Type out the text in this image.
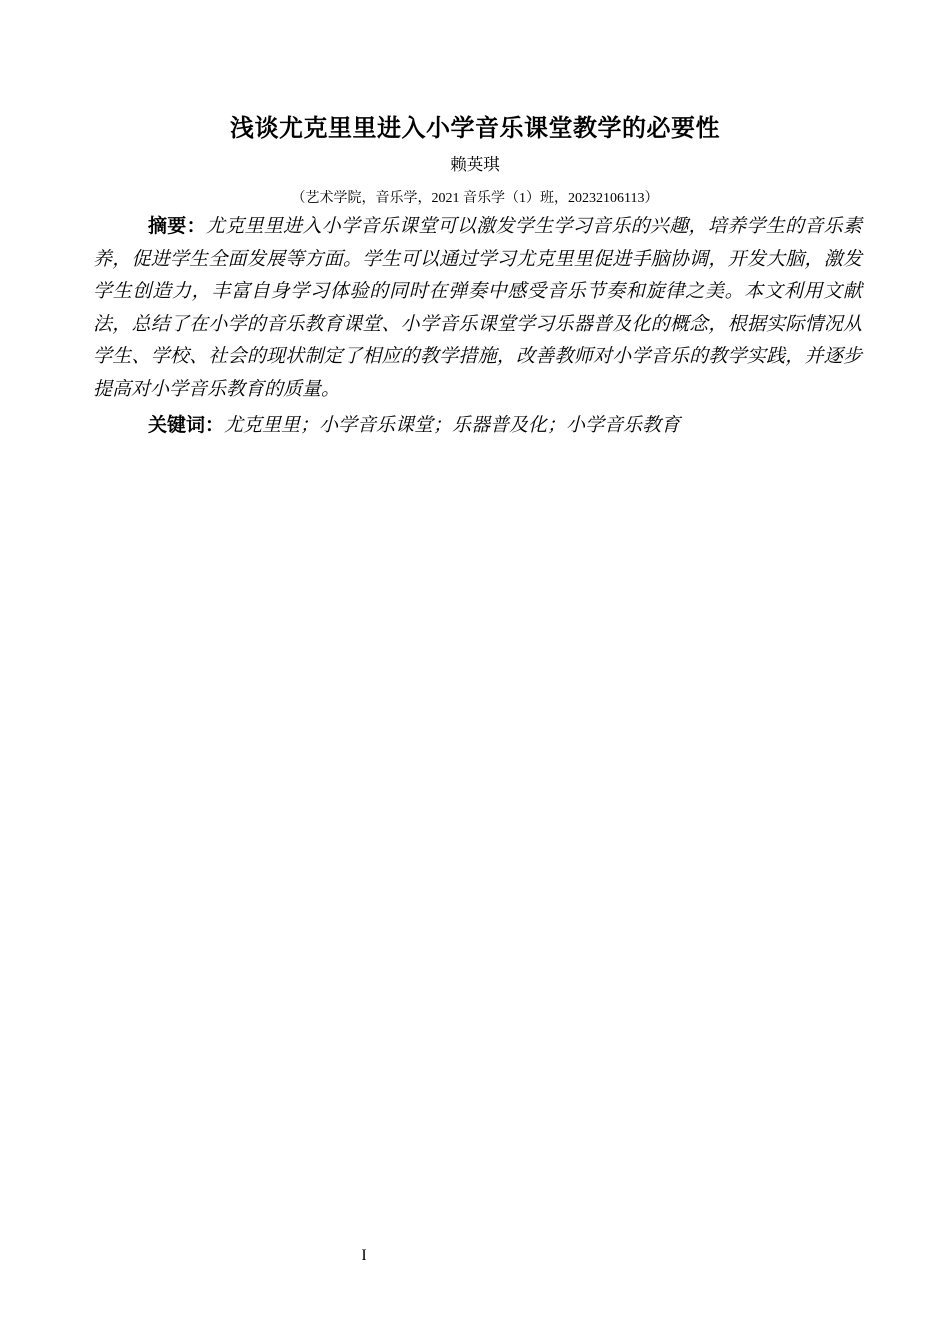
浅谈尤克里里进入小学音乐课堂教学的必要性
赖英琪
（艺术学院，音乐学，2021 音乐学（1）班，20232106113）

摘要：尤克里里进入小学音乐课堂可以激发学生学习音乐的兴趣，培养学生的音乐素养，促进学生全面发展等方面。学生可以通过学习尤克里里促进手脑协调，开发大脑，激发学生创造力，丰富自身学习体验的同时在弹奏中感受音乐节奏和旋律之美。本文利用文献法，总结了在小学的音乐教育课堂、小学音乐课堂学习乐器普及化的概念，根据实际情况从学生、学校、社会的现状制定了相应的教学措施，改善教师对小学音乐的教学实践，并逐步提高对小学音乐教育的质量。

关键词：尤克里里；小学音乐课堂；乐器普及化；小学音乐教育

I
